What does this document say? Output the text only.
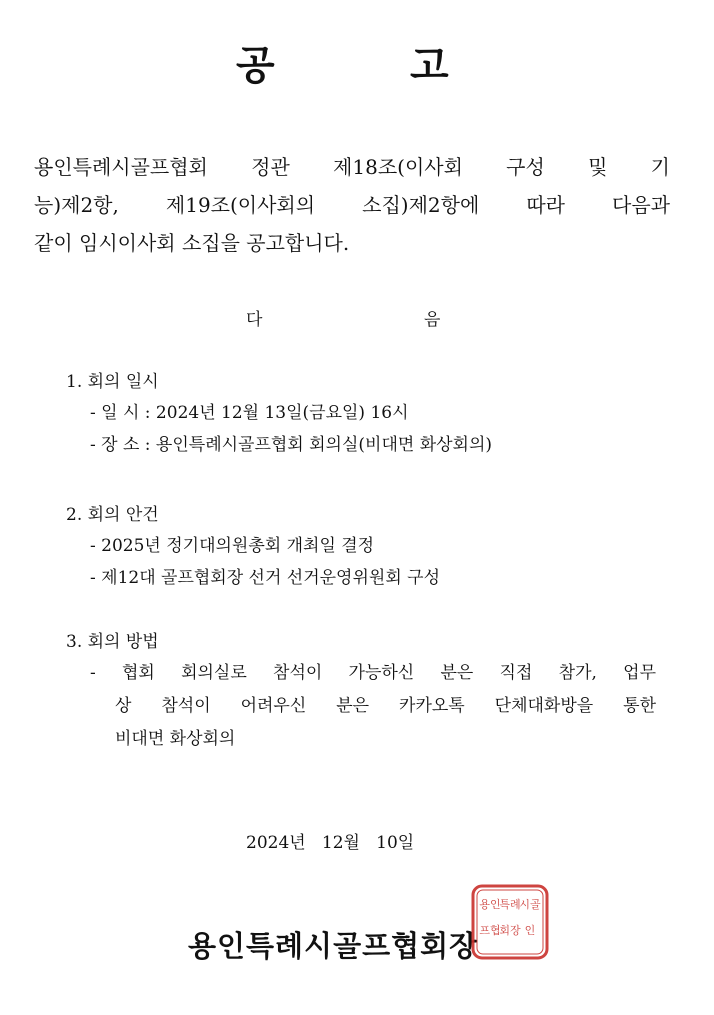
공	고
용인특례시골프협회 정관 제18조(이사회 구성 및 기
능)제2항, 제19조(이사회의 소집)제2항에 따라 다음과
같이 임시이사회 소집을 공고합니다.
다	음
1. 회의 일시
- 일 시 : 2024년 12월 13일(금요일) 16시
- 장 소 : 용인특례시골프협회 회의실(비대면 화상회의)
2. 회의 안건
- 2025년 정기대의원총회 개최일 결정
- 제12대 골프협회장 선거 선거운영위원회 구성
3. 회의 방법
- 협회 회의실로 참석이 가능하신 분은 직접 참가, 업무
상 참석이 어려우신 분은 카카오톡 단체대화방을 통한
비대면 화상회의
2024년   12월   10일
용인특례시골프협회장
용인
특례
시골
프협
회장 인
